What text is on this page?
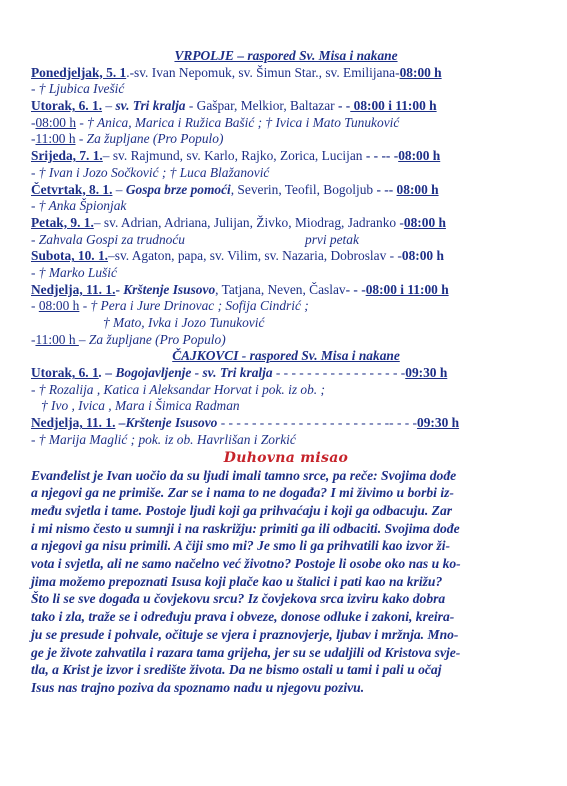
VRPOLJE – raspored Sv. Misa i nakane
Ponedjeljak, 5. 1.-sv. Ivan Nepomuk, sv. Šimun Star., sv. Emilijana-08:00 h
- † Ljubica Ivešić
Utorak, 6. 1. – sv. Tri kralja - Gašpar, Melkior, Baltazar - - 08:00 i 11:00 h
-08:00 h - † Anica, Marica i Ružica Bašić ; † Ivica i Mato Tunuković
-11:00 h - Za župljane (Pro Populo)
Srijeda, 7. 1.– sv. Rajmund, sv. Karlo, Rajko, Zorica, Lucijan - - -- -08:00 h
- † Ivan i Jozo Sočković ; † Luca Blažanović
Četvrtak, 8. 1. – Gospa brze pomoći, Severin, Teofil, Bogoljub - -- 08:00 h
- † Anka Špionjak
Petak, 9. 1.– sv. Adrian, Adriana, Julijan, Živko, Miodrag, Jadranko -08:00 h
- Zahvala Gospi za trudnoću	prvi petak
Subota, 10. 1.–sv. Agaton, papa, sv. Vilim, sv. Nazaria, Dobroslav - -08:00 h
- † Marko Lušić
Nedjelja, 11. 1.- Krštenje Isusovo, Tatjana, Neven, Časlav- - -08:00 i 11:00 h
- 08:00 h - † Pera i Jure Drinovac ; Sofija Cindrić ;
† Mato, Ivka i Jozo Tunuković
-11:00 h – Za župljane (Pro Populo)
ČAJKOVCI - raspored Sv. Misa i nakane
Utorak, 6. 1. – Bogojavljenje - sv. Tri kralja - - - - - - - - - - - - - - - - -09:30 h
- † Rozalija , Katica i Aleksandar Horvat i pok. iz ob. ;
† Ivo , Ivica , Mara i Šimica Radman
Nedjelja, 11. 1. –Krštenje Isusovo - - - - - - - - - - - - - - - - - - - - - -- - - -09:30 h
- † Marija Maglić ; pok. iz ob. Havrlišan i Zorkić
Duhovna misao
Evanđelist je Ivan uočio da su ljudi imali tamno srce, pa reče: Svojima dođe
a njegovi ga ne primiše. Zar se i nama to ne događa? I mi živimo u borbi iz-
među svjetla i tame. Postoje ljudi koji ga prihvaćaju i koji ga odbacuju. Zar
i mi nismo često u sumnji i na raskrižju: primiti ga ili odbaciti. Svojima dođe
a njegovi ga nisu primili. A čiji smo mi? Je smo li ga prihvatili kao izvor ži-
vota i svjetla, ali ne samo načelno već životno? Postoje li osobe oko nas u ko-
jima možemo prepoznati Isusa koji plače kao u štalici i pati kao na križu?
Što li se sve događa u čovjekovu srcu? Iz čovjekova srca izviru kako dobra
tako i zla, traže se i određuju prava i obveze, donose odluke i zakoni, kreira-
ju se presude i pohvale, očituje se vjera i praznovjerje, ljubav i mržnja. Mno-
ge je živote zahvatila i razara tama grijeha, jer su se udaljili od Kristova svje-
tla, a Krist je izvor i središte života. Da ne bismo ostali u tami i pali u očaj
Isus nas trajno poziva da spoznamo nadu u njegovu pozivu.
